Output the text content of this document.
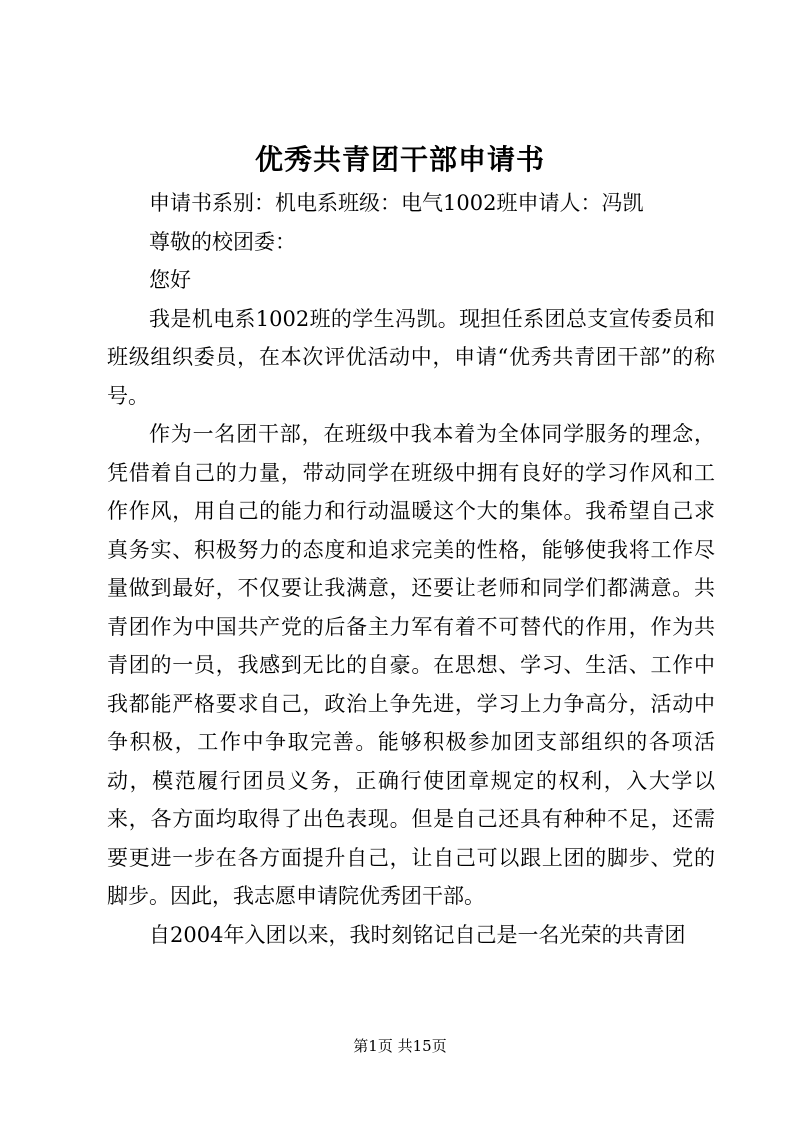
优秀共青团干部申请书

申请书系别：机电系班级：电气1002班申请人：冯凯

尊敬的校团委：

您好

我是机电系1002班的学生冯凯。现担任系团总支宣传委员和班级组织委员，在本次评优活动中，申请“优秀共青团干部”的称号。

作为一名团干部，在班级中我本着为全体同学服务的理念，凭借着自己的力量，带动同学在班级中拥有良好的学习作风和工作作风，用自己的能力和行动温暖这个大的集体。我希望自己求真务实、积极努力的态度和追求完美的性格，能够使我将工作尽量做到最好，不仅要让我满意，还要让老师和同学们都满意。共青团作为中国共产党的后备主力军有着不可替代的作用，作为共青团的一员，我感到无比的自豪。在思想、学习、生活、工作中我都能严格要求自己，政治上争先进，学习上力争高分，活动中争积极，工作中争取完善。能够积极参加团支部组织的各项活动，模范履行团员义务，正确行使团章规定的权利，入大学以来，各方面均取得了出色表现。但是自己还具有种种不足，还需要更进一步在各方面提升自己，让自己可以跟上团的脚步、党的脚步。因此，我志愿申请院优秀团干部。

自2004年入团以来，我时刻铭记自己是一名光荣的共青团

第1页 共15页
